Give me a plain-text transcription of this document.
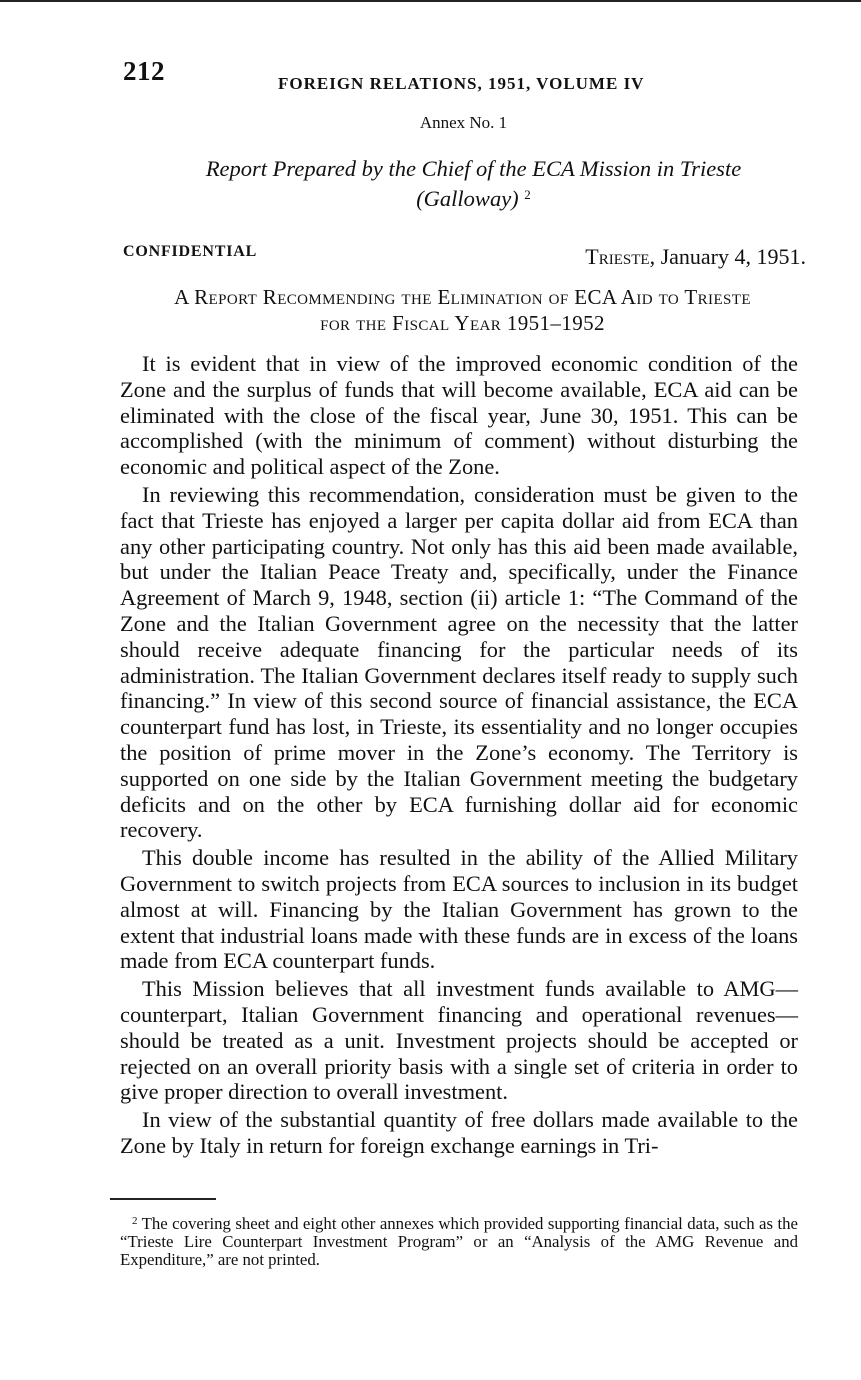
212	FOREIGN RELATIONS, 1951, VOLUME IV
Annex No. 1
Report Prepared by the Chief of the ECA Mission in Trieste
(Galloway) $^2$
CONFIDENTIAL	Trieste, January 4, 1951.
A Report Recommending the Elimination of ECA Aid to Trieste
for the Fiscal Year 1951–1952

It is evident that in view of the improved economic condition of the Zone and the surplus of funds that will become available, ECA aid can be eliminated with the close of the fiscal year, June 30, 1951. This can be accomplished (with the minimum of comment) without disturbing the economic and political aspect of the Zone.

In reviewing this recommendation, consideration must be given to the fact that Trieste has enjoyed a larger per capita dollar aid from ECA than any other participating country. Not only has this aid been made available, but under the Italian Peace Treaty and, specifically, under the Finance Agreement of March 9, 1948, section (ii) article 1: “The Command of the Zone and the Italian Government agree on the necessity that the latter should receive adequate financing for the particular needs of its administration. The Italian Government declares itself ready to supply such financing.” In view of this second source of financial assistance, the ECA counterpart fund has lost, in Trieste, its essentiality and no longer occupies the position of prime mover in the Zone’s economy. The Territory is supported on one side by the Italian Government meeting the budgetary deficits and on the other by ECA furnishing dollar aid for economic recovery.

This double income has resulted in the ability of the Allied Military Government to switch projects from ECA sources to inclusion in its budget almost at will. Financing by the Italian Government has grown to the extent that industrial loans made with these funds are in excess of the loans made from ECA counterpart funds.

This Mission believes that all investment funds available to AMG—counterpart, Italian Government financing and operational revenues—should be treated as a unit. Investment projects should be accepted or rejected on an overall priority basis with a single set of criteria in order to give proper direction to overall investment.

In view of the substantial quantity of free dollars made available to the Zone by Italy in return for foreign exchange earnings in Tri-

$^2$ The covering sheet and eight other annexes which provided supporting financial data, such as the “Trieste Lire Counterpart Investment Program” or an “Analysis of the AMG Revenue and Expenditure,” are not printed.
